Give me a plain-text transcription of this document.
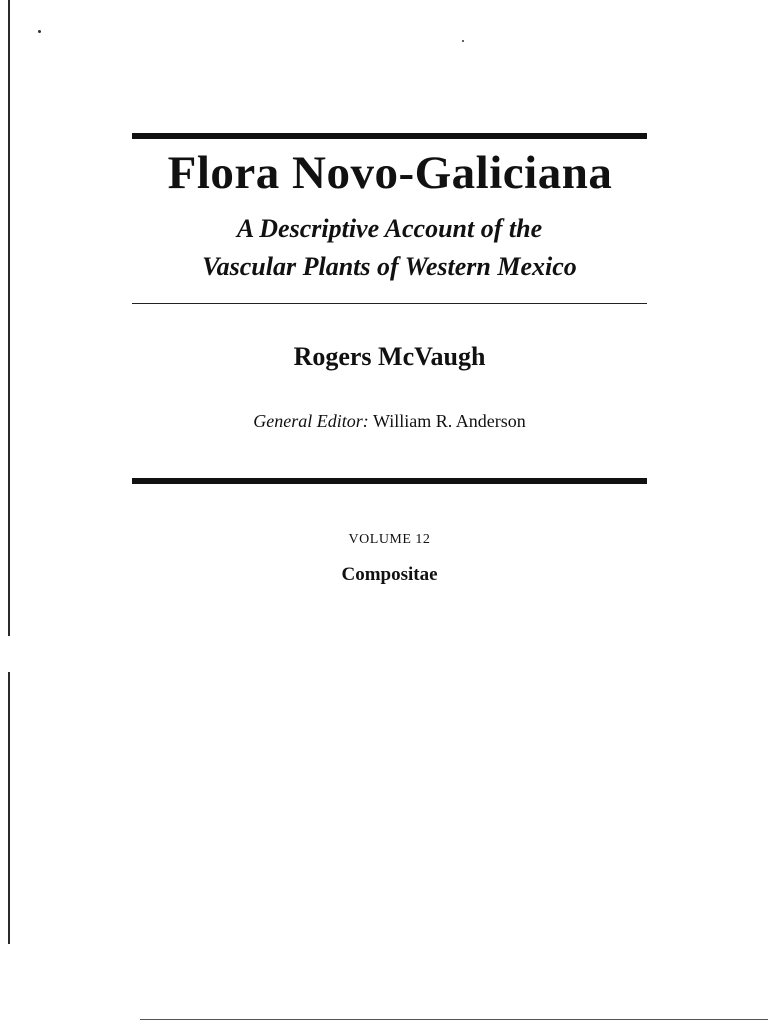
Flora Novo-Galiciana
A Descriptive Account of the
Vascular Plants of Western Mexico
Rogers McVaugh
General Editor: William R. Anderson
VOLUME 12
Compositae
